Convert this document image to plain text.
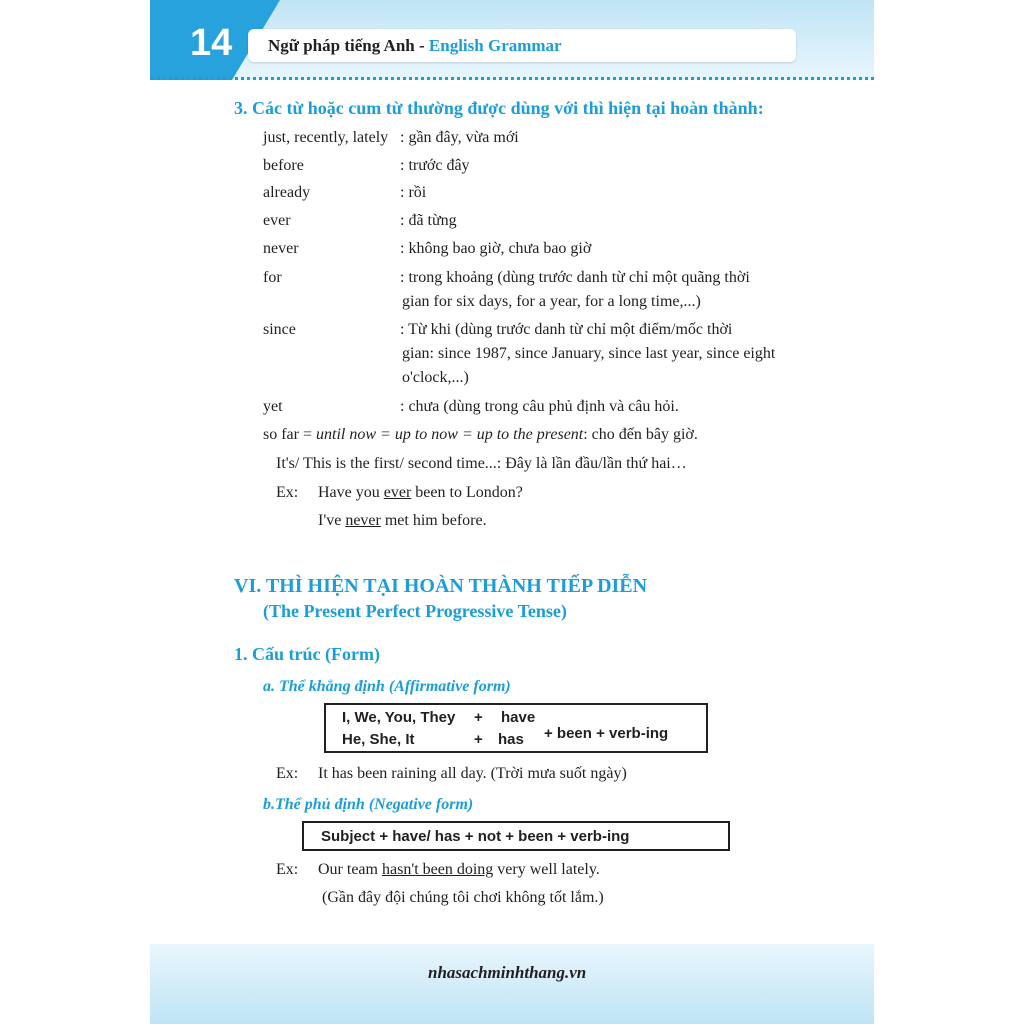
14 Ngữ pháp tiếng Anh - English Grammar
3. Các từ hoặc cum từ thường được dùng với thì hiện tại hoàn thành:
just, recently, lately : gần đây, vừa mới
before	: trước đây
already	: rồi
ever	: đã từng
never	: không bao giờ, chưa bao giờ
for	: trong khoảng (dùng trước danh từ chỉ một quãng thời
gian for six days, for a year, for a long time,...)
since	: Từ khi (dùng trước danh từ chỉ một điểm/mốc thời
gian: since 1987, since January, since last year, since eight
o'clock,...)
yet	: chưa (dùng trong câu phủ định và câu hỏi.
so far = until now = up to now = up to the present: cho đến bây giờ.
It's/ This is the first/ second time...: Đây là lần đầu/lần thứ hai…
Ex: Have you ever been to London?
I've never met him before.
VI. THÌ HIỆN TẠI HOÀN THÀNH TIẾP DIỄN
(The Present Perfect Progressive Tense)
1. Cấu trúc (Form)
a. Thể khẳng định (Affirmative form)
I, We, You, They + have
He, She, It	+ has + been + verb-ing
Ex: It has been raining all day. (Trời mưa suốt ngày)
b.Thể phủ định (Negative form)
Subject + have/ has + not + been + verb-ing
Ex: Our team hasn't been doing very well lately.
(Gần đây đội chúng tôi chơi không tốt lắm.)
nhasachminhthang.vn
